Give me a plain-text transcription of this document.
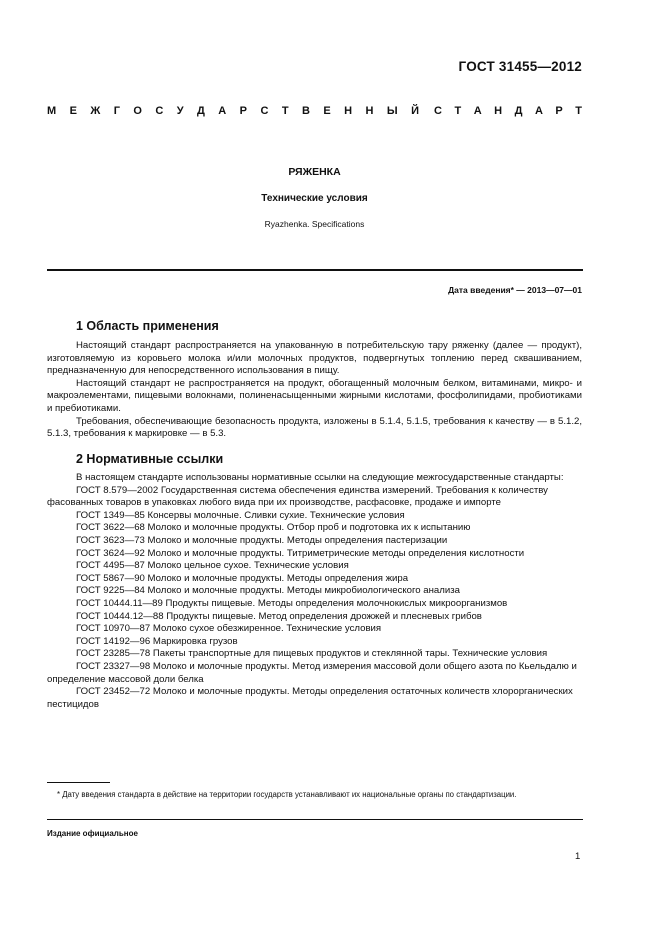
ГОСТ 31455—2012
М Е Ж Г О С У Д А Р С Т В Е Н Н Ы Й С Т А Н Д А Р Т
РЯЖЕНКА
Технические условия
Ryazhenka. Specifications
Дата введения* — 2013—07—01
1 Область применения

Настоящий стандарт распространяется на упакованную в потребительскую тару ряженку (далее — продукт), изготовляемую из коровьего молока и/или молочных продуктов, подвергнутых топлению перед сквашиванием, предназначенную для непосредственного использования в пищу.

Настоящий стандарт не распространяется на продукт, обогащенный молочным белком, витаминами, микро- и макроэлементами, пищевыми волокнами, полиненасыщенными жирными кислотами, фосфолипидами, пробиотиками и пребиотиками.

Требования, обеспечивающие безопасность продукта, изложены в 5.1.4, 5.1.5, требования к качеству — в 5.1.2, 5.1.3, требования к маркировке — в 5.3.

2 Нормативные ссылки

В настоящем стандарте использованы нормативные ссылки на следующие межгосударственные стандарты:

ГОСТ 8.579—2002 Государственная система обеспечения единства измерений. Требования к количеству фасованных товаров в упаковках любого вида при их производстве, расфасовке, продаже и импорте
ГОСТ 1349—85 Консервы молочные. Сливки сухие. Технические условия
ГОСТ 3622—68 Молоко и молочные продукты. Отбор проб и подготовка их к испытанию
ГОСТ 3623—73 Молоко и молочные продукты. Методы определения пастеризации
ГОСТ 3624—92 Молоко и молочные продукты. Титриметрические методы определения кислотности
ГОСТ 4495—87 Молоко цельное сухое. Технические условия
ГОСТ 5867—90 Молоко и молочные продукты. Методы определения жира
ГОСТ 9225—84 Молоко и молочные продукты. Методы микробиологического анализа
ГОСТ 10444.11—89 Продукты пищевые. Методы определения молочнокислых микроорганизмов
ГОСТ 10444.12—88 Продукты пищевые. Метод определения дрожжей и плесневых грибов
ГОСТ 10970—87 Молоко сухое обезжиренное. Технические условия
ГОСТ 14192—96 Маркировка грузов
ГОСТ 23285—78 Пакеты транспортные для пищевых продуктов и стеклянной тары. Технические условия
ГОСТ 23327—98 Молоко и молочные продукты. Метод измерения массовой доли общего азота по Кьельдалю и определение массовой доли белка
ГОСТ 23452—72 Молоко и молочные продукты. Методы определения остаточных количеств хлорорганических пестицидов

* Дату введения стандарта в действие на территории государств устанавливают их национальные органы по стандартизации.

Издание официальное
1
